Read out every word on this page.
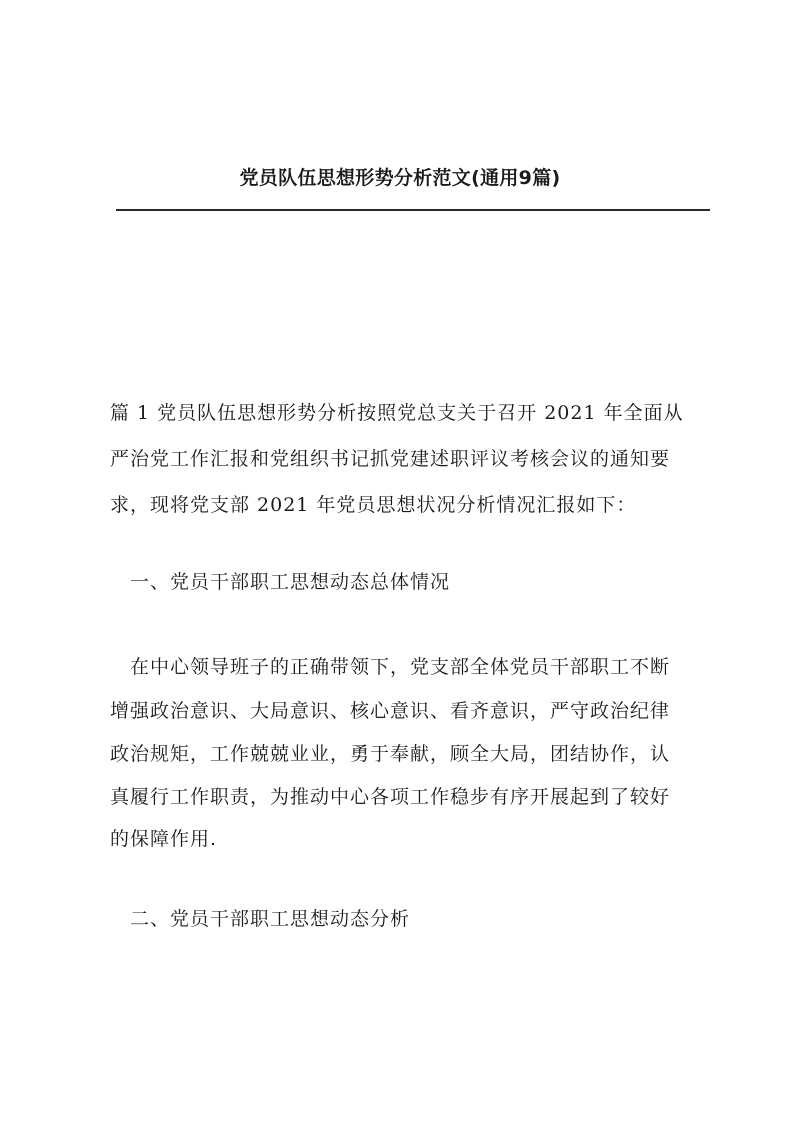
党员队伍思想形势分析范文(通用9篇)

篇 1 党员队伍思想形势分析按照党总支关于召开 2021 年全面从

严治党工作汇报和党组织书记抓党建述职评议考核会议的通知要

求，现将党支部 2021 年党员思想状况分析情况汇报如下：

一、党员干部职工思想动态总体情况

在中心领导班子的正确带领下，党支部全体党员干部职工不断

增强政治意识、大局意识、核心意识、看齐意识，严守政治纪律

政治规矩，工作兢兢业业，勇于奉献，顾全大局，团结协作，认

真履行工作职责，为推动中心各项工作稳步有序开展起到了较好

的保障作用.

二、党员干部职工思想动态分析
